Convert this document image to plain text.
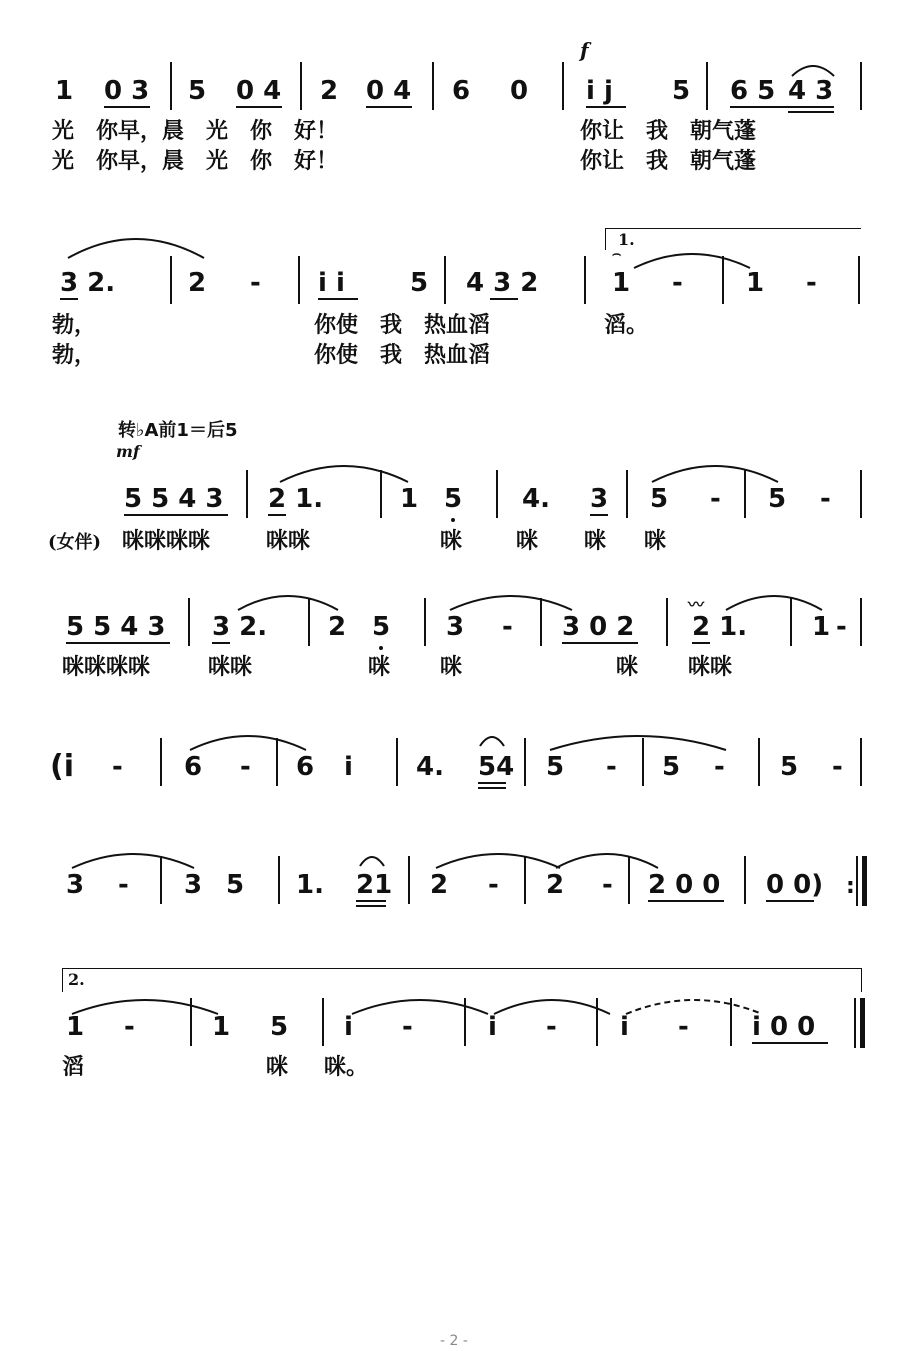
f
1 0 3 5 0 4 2 0 4 6 0 i j 5 6 5 4 3
光　你早，晨　光　你　好！	你让　我　朝气蓬
光　你早，晨　光　你　好！	你让　我　朝气蓬
3 2.	2 - i i	5 4 3 2
1.
⌢
1 - 1 -
勃，	你使　我　热血滔	滔。
勃，	你使　我　热血滔
转♭A前1＝后5
mf
5 5 4 3 2 1.	1 5 4. 3 5 - 5 -
(女伴) 咪咪咪咪	咪咪	咪 咪 咪 咪
5 5 4 3 3 2. 2 5 3 - 3 0 2
〰
2 1. 1 -
咪咪咪咪	咪咪	咪 咪	咪 咪咪
(i - 6 - 6 i 4. 54 5 - 5 - 5 -
3 - 3 5 1. 21 2 - 2 - 2 0 0 0 0) :
2.
1 -	1 5 i -	i - i - i 0 0
滔	咪 咪。
- 2 -
